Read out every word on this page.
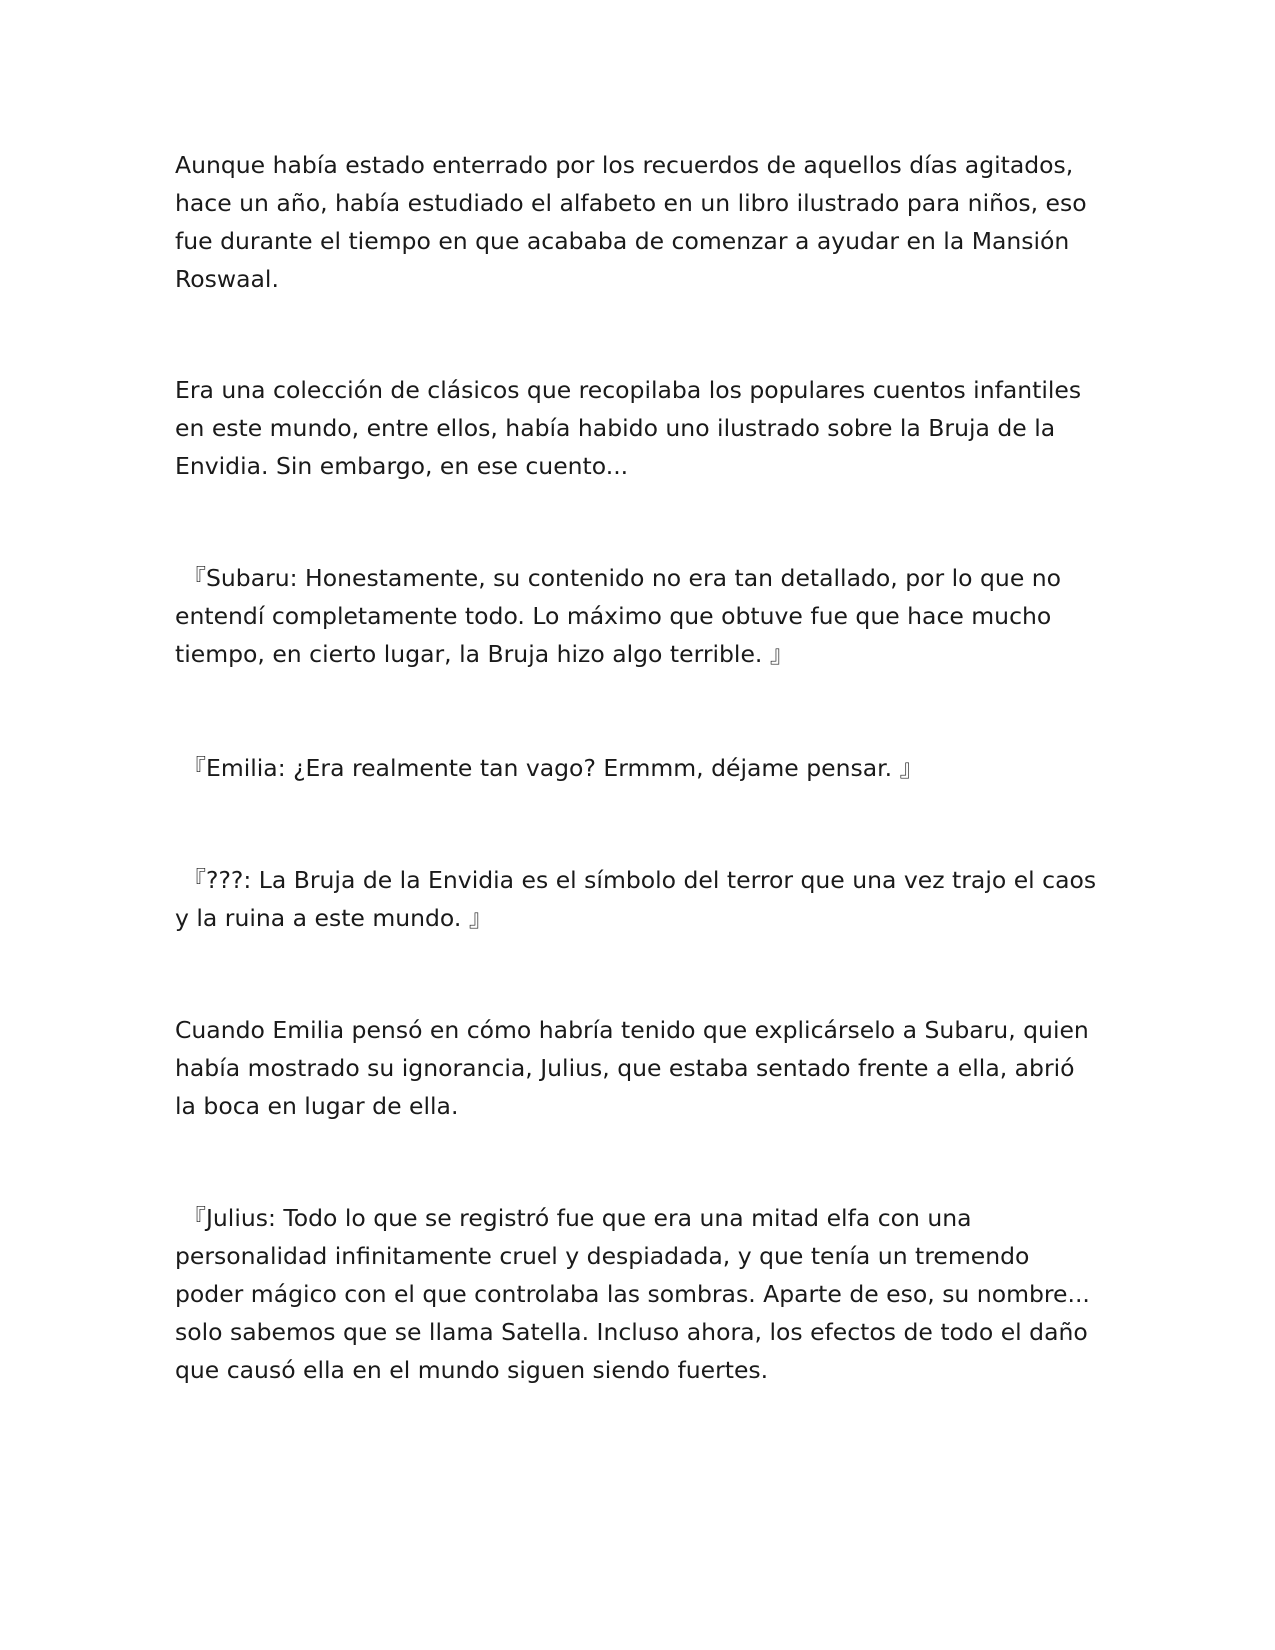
Aunque había estado enterrado por los recuerdos de aquellos días agitados, hace un año, había estudiado el alfabeto en un libro ilustrado para niños, eso fue durante el tiempo en que acababa de comenzar a ayudar en la Mansión Roswaal.

Era una colección de clásicos que recopilaba los populares cuentos infantiles en este mundo, entre ellos, había habido uno ilustrado sobre la Bruja de la Envidia. Sin embargo, en ese cuento...

『Subaru: Honestamente, su contenido no era tan detallado, por lo que no entendí completamente todo. Lo máximo que obtuve fue que hace mucho tiempo, en cierto lugar, la Bruja hizo algo terrible. 』

『Emilia: ¿Era realmente tan vago? Ermmm, déjame pensar. 』

『???: La Bruja de la Envidia es el símbolo del terror que una vez trajo el caos y la ruina a este mundo. 』

Cuando Emilia pensó en cómo habría tenido que explicárselo a Subaru, quien había mostrado su ignorancia, Julius, que estaba sentado frente a ella, abrió la boca en lugar de ella.

『Julius: Todo lo que se registró fue que era una mitad elfa con una personalidad infinitamente cruel y despiadada, y que tenía un tremendo poder mágico con el que controlaba las sombras. Aparte de eso, su nombre... solo sabemos que se llama Satella. Incluso ahora, los efectos de todo el daño que causó ella en el mundo siguen siendo fuertes.
